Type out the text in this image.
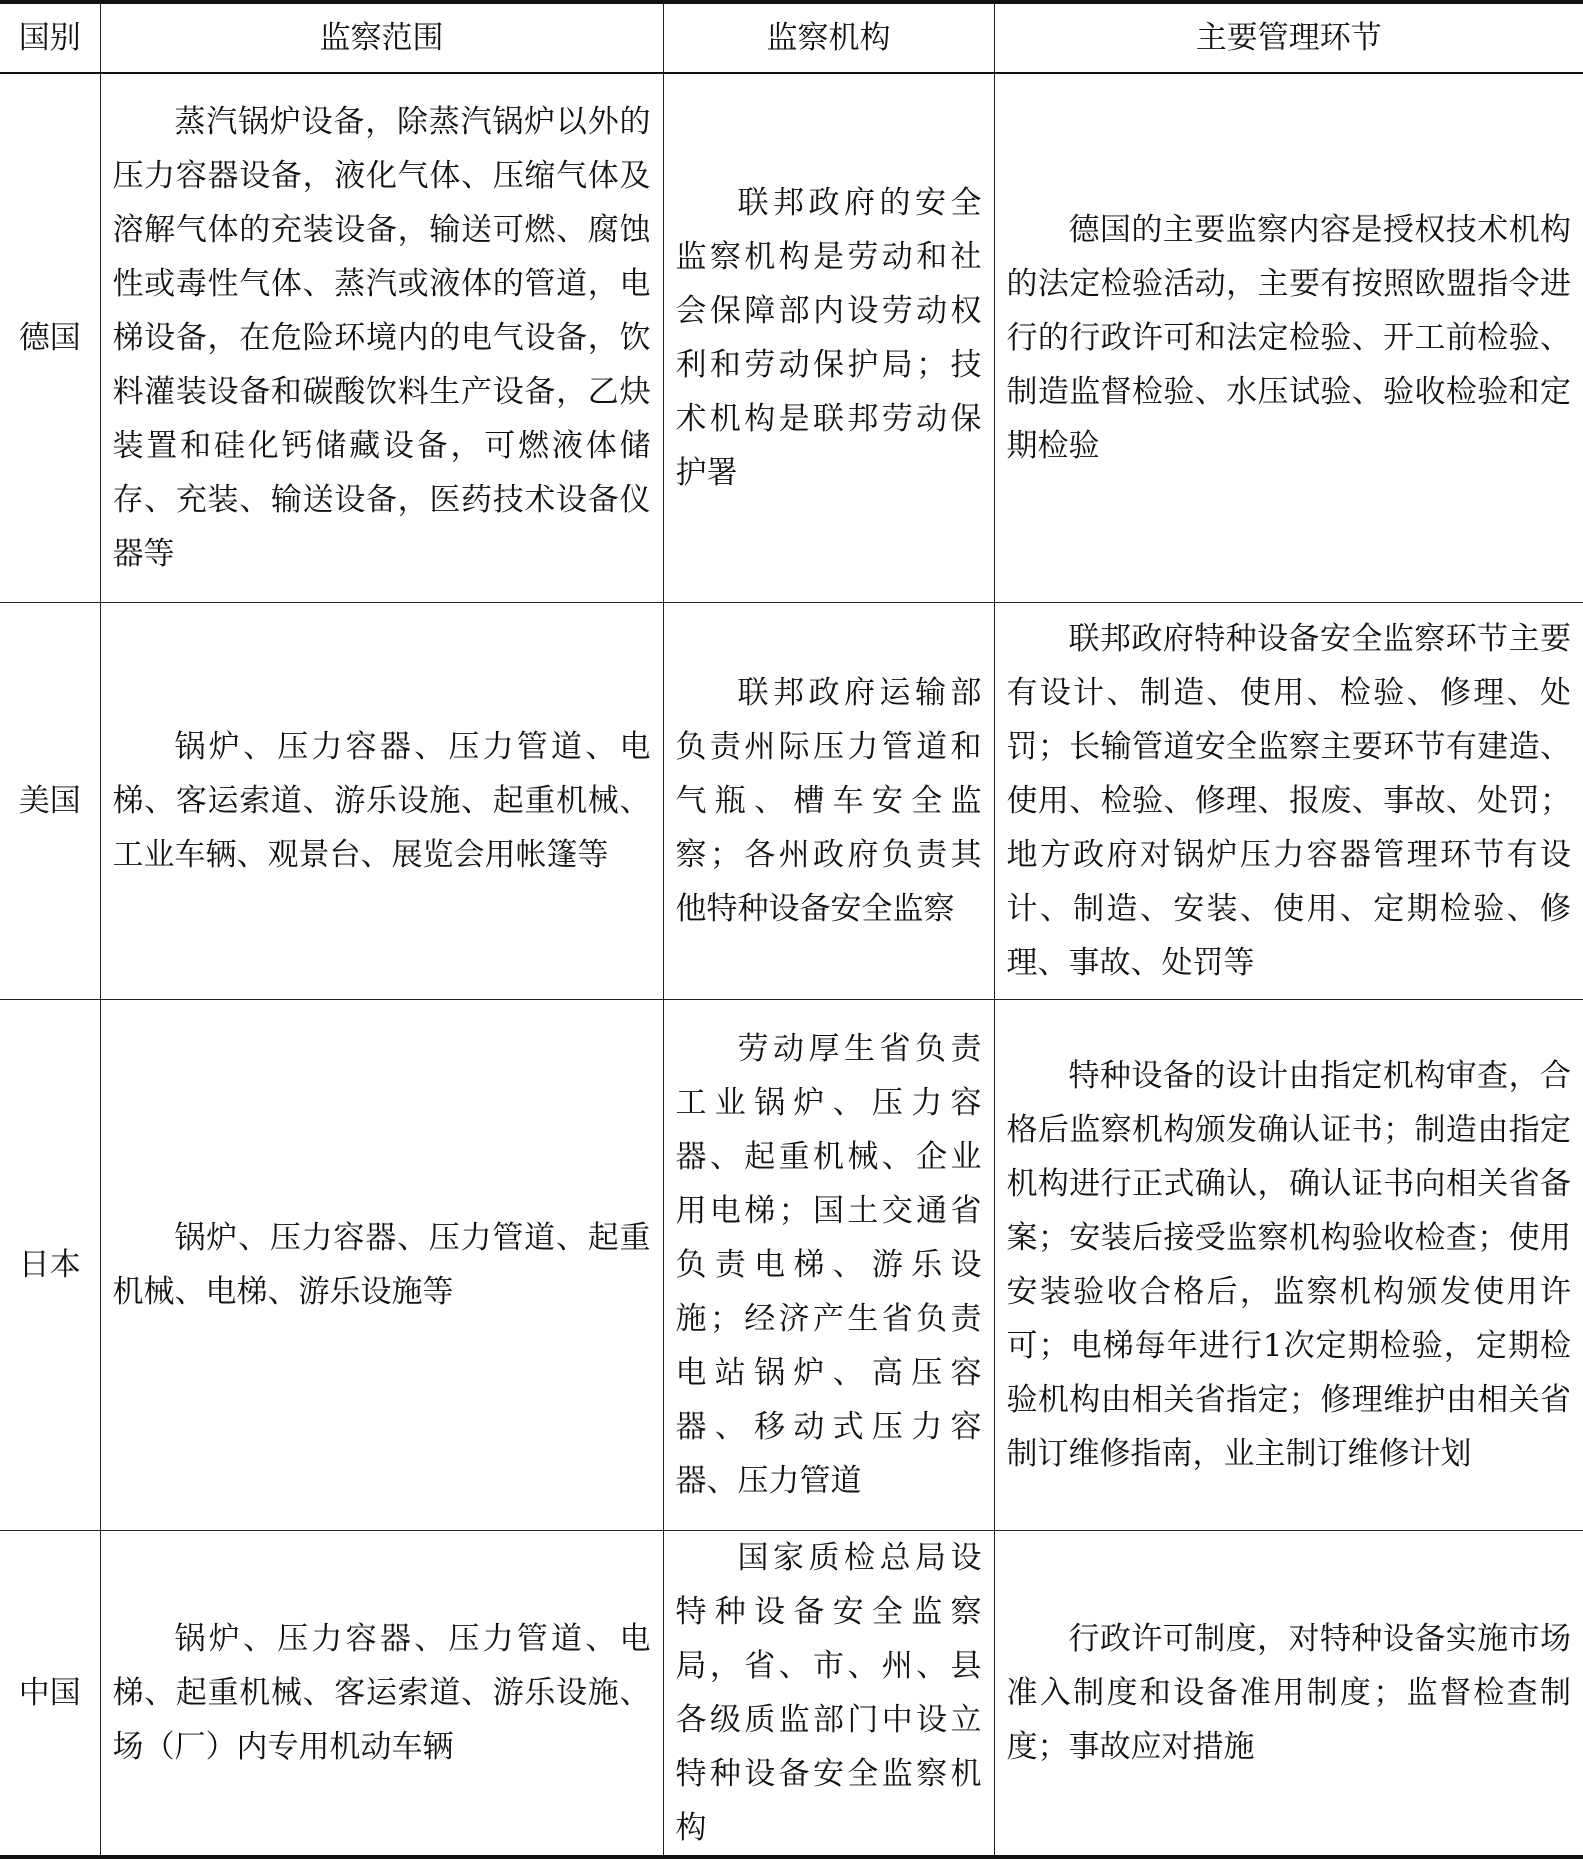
国别	监察范围	监察机构	主要管理环节
德国	蒸汽锅炉设备，除蒸汽锅炉以外的压力容器设备，液化气体、压缩气体及溶解气体的充装设备，输送可燃、腐蚀性或毒性气体、蒸汽或液体的管道，电梯设备，在危险环境内的电气设备，饮料灌装设备和碳酸饮料生产设备，乙炔装置和硅化钙储藏设备，可燃液体储存、充装、输送设备，医药技术设备仪器等	联邦政府的安全监察机构是劳动和社会保障部内设劳动权利和劳动保护局；技术机构是联邦劳动保护署	德国的主要监察内容是授权技术机构的法定检验活动，主要有按照欧盟指令进行的行政许可和法定检验、开工前检验、制造监督检验、水压试验、验收检验和定期检验
美国	锅炉、压力容器、压力管道、电梯、客运索道、游乐设施、起重机械、工业车辆、观景台、展览会用帐篷等	联邦政府运输部负责州际压力管道和气瓶、槽车安全监察；各州政府负责其他特种设备安全监察	联邦政府特种设备安全监察环节主要有设计、制造、使用、检验、修理、处罚；长输管道安全监察主要环节有建造、使用、检验、修理、报废、事故、处罚；地方政府对锅炉压力容器管理环节有设计、制造、安装、使用、定期检验、修理、事故、处罚等
日本	锅炉、压力容器、压力管道、起重机械、电梯、游乐设施等	劳动厚生省负责工业锅炉、压力容器、起重机械、企业用电梯；国土交通省负责电梯、游乐设施；经济产生省负责电站锅炉、高压容器、移动式压力容器、压力管道	特种设备的设计由指定机构审查，合格后监察机构颁发确认证书；制造由指定机构进行正式确认，确认证书向相关省备案；安装后接受监察机构验收检查；使用安装验收合格后，监察机构颁发使用许可；电梯每年进行1次定期检验，定期检验机构由相关省指定；修理维护由相关省制订维修指南，业主制订维修计划
中国	锅炉、压力容器、压力管道、电梯、起重机械、客运索道、游乐设施、场（厂）内专用机动车辆	国家质检总局设特种设备安全监察局，省、市、州、县各级质监部门中设立特种设备安全监察机构	行政许可制度，对特种设备实施市场准入制度和设备准用制度；监督检查制度；事故应对措施
